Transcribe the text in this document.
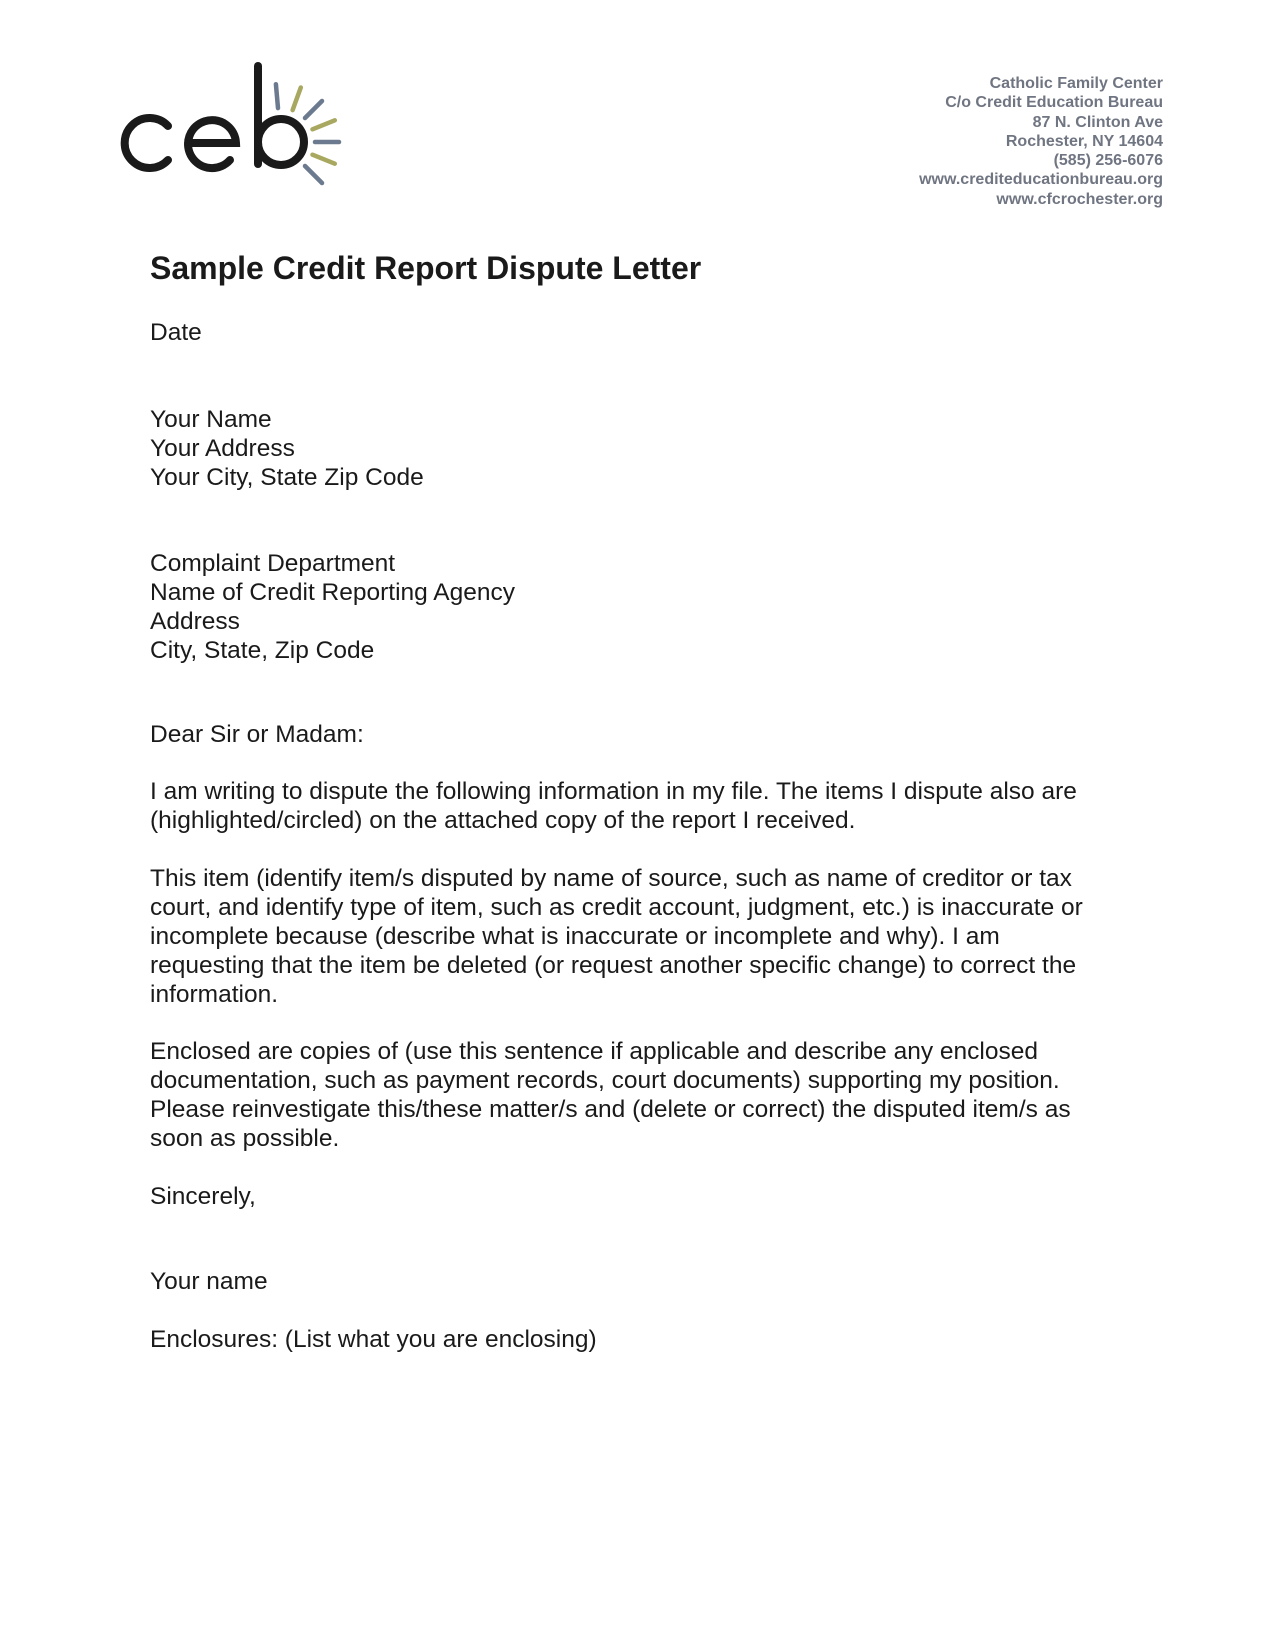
Catholic Family Center
C/o Credit Education Bureau
87 N. Clinton Ave
Rochester, NY 14604
(585) 256-6076
www.crediteducationbureau.org
www.cfcrochester.org
Sample Credit Report Dispute Letter
Date
Your Name
Your Address
Your City, State Zip Code
Complaint Department
Name of Credit Reporting Agency
Address
City, State, Zip Code
Dear Sir or Madam:
I am writing to dispute the following information in my file. The items I dispute also are
(highlighted/circled) on the attached copy of the report I received.
This item (identify item/s disputed by name of source, such as name of creditor or tax
court, and identify type of item, such as credit account, judgment, etc.) is inaccurate or
incomplete because (describe what is inaccurate or incomplete and why). I am
requesting that the item be deleted (or request another specific change) to correct the
information.
Enclosed are copies of (use this sentence if applicable and describe any enclosed
documentation, such as payment records, court documents) supporting my position.
Please reinvestigate this/these matter/s and (delete or correct) the disputed item/s as
soon as possible.
Sincerely,
Your name
Enclosures: (List what you are enclosing)
